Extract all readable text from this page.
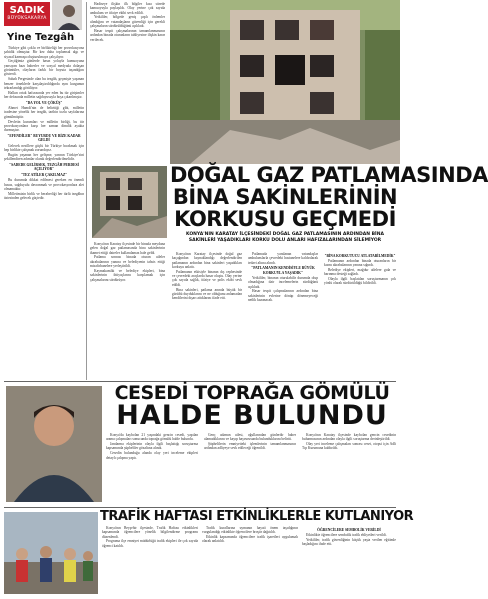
SADIK
BÜYÜKSAKARYA
Yine Tezgâh

Türkiye gibi çoklu ve birlikteliği her provokasyona şahidik olmuştur. Bir kez daha toplumsal algı ve siyasal karmaşa oluşturulmaya çalışılıyor.

Geçtiğimiz günlerde basın yoluyla kamuoyuna yansıyan bazı haberler ve sosyal medyada dolaşan görüntüler, olayların farklı bir boyuta taşındığını gösterdi.

Sabah Pergesinde olan bu tezgâh, geçmişte yaşanan benzer örneklerle karşılaştırıldığında aynı kurgunun tekrarlandığı görülüyor.

Halkın ortak hafızasında yer eden bu tür girişimler her defasında milletin sağduyusuyla boşa çıkarılmıştır.

"DA YOL VE ÇÖKÜŞ"

Ahmet Hamdi'nin de belirttiği gibi, milletin iradesine yönelik her tezgâh, tarihin tozlu sayfalarına gömülmüştür.

Devletin kurumları ve milletin birliği, bu tür provokasyonlara karşı her zaman dimdik ayakta durmuştur.

"EFENDİLER" BUYURDU VE BİZE KADAR GELDİ

Gelecek nesillere güçlü bir Türkiye bırakmak için hep birlikte çalışmak zorundayız.

Bugün yaşanan her gelişme, yarının Türkiye'sini şekillendiren adımlar olarak değerlendirilmelidir.

"SADEDE GELİRSEK, TEZGÂH PERDESİ AÇILIYOR"

"TEZ ATİLER ÇAKILMAZ"

Bu durumda dikkat edilmesi gereken en önemli husus, sağduyulu davranmak ve provokasyonlara alet olmamaktır.

Milletimizin birlik ve beraberliği her türlü tezgâhın üstesinden gelecek güçtedir.

Hadiseye ilişkin ilk bilgiler kısa sürede kamuoyuyla paylaşıldı. Olay yerine çok sayıda ambulans ve itfaiye ekibi sevk edildi.

Yetkililer, bölgede geniş çaplı önlemler alındığını ve vatandaşların güvenliği için gerekli çalışmaların sürdürüldüğünü açıkladı.

Hasar tespit çalışmalarının tamamlanmasının ardından binada oturanların tahliyesine ilişkin karar verilecek.

DOĞAL GAZ PATLAMASINDA
BİNA SAKİNLERİNİN
KORKUSU GEÇMEDİ
KONYA'NIN KARATAY İLÇESİNDEKİ DOĞAL GAZ PATLAMASININ ARDINDAN BİNA SAKİNLERİ YAŞADIKLARI KORKU DOLU ANLARI HAFIZALARINDAN SİLEMİYOR

Konya'nın Karatay ilçesinde bir binada meydana gelen doğal gaz patlamasında bina sakinlerinin ikamet ettiği daireler kullanılamaz hale geldi.

Patlama sonrası binada oturan aileler akrabalarının yanına ve belediyenin tahsis ettiği misafirhanelere yerleştirildi.

Kaymakamlık ve belediye ekipleri, bina sakinlerinin ihtiyaçlarını karşılamak için çalışmalarını sürdürüyor.

Konya'nın Karatay ilçesinde doğal gaz kaçağından kaynaklandığı değerlendirilen patlamanın ardından bina sakinleri yaşadıkları korkuyu anlattı.

Patlamanın etkisiyle binanın dış cephesinde ve çevredeki araçlarda hasar oluştu. Olay yerine çok sayıda sağlık, itfaiye ve polis ekibi sevk edildi.

Bina sakinleri, patlama anında büyük bir gürültü duyduklarını ve ne olduğunu anlamadan kendilerini dışarı attıklarını ifade etti.

Patlamada yaralanan vatandaşlar ambulanslarla çevredeki hastanelere kaldırılarak tedavi altına alındı.

"PATLAMANIN KENDİSİYLE BÜYÜK KORKUYLA YAŞADIK"

Yetkililer, binanın oturulabilir durumda olup olmadığına dair incelemelerin sürdüğünü açıkladı.

Hasar tespit çalışmalarının ardından bina sakinlerinin evlerine dönüp dönemeyeceği netlik kazanacak.

"BİNA KORKUTUCU ATLATABİLMEDİK"

Patlamanın ardından binada oturanların bir kısmı akrabalarının yanına sığındı.

Belediye ekipleri, mağdur ailelere gıda ve barınma desteği sağladı.

Olayla ilgili başlatılan soruşturmanın çok yönlü olarak sürdürüldüğü bildirildi.

CESEDİ TOPRAĞA GÖMÜLÜ
HALDE BULUNDU

Konya'da kaybolan 21 yaşındaki gencin cesedi, yapılan arama çalışmaları sonucunda toprağa gömülü halde bulundu.

Jandarma ekiplerinin olayla ilgili başlattığı soruşturma kapsamında şüpheliler gözaltına alındı.

Cesedin bulunduğu alanda olay yeri inceleme ekipleri detaylı çalışma yaptı.

Genç adamın ailesi, oğullarından günlerdir haber alamadıklarını ve kayıp başvurusunda bulunduklarını belirtti.

Şüphelilerin emniyetteki işlemlerinin tamamlanmasının ardından adliyeye sevk edileceği öğrenildi.

Konya'nın Karatay ilçesinde kaybolan gencin cesedinin bulunmasının ardından olayla ilgili soruşturma derinleştirildi.

Olay yeri inceleme çalışmaları sonrası ceset, otopsi için Adli Tıp Kurumuna kaldırıldı.

TRAFİK HAFTASI ETKİNLİKLERLE KUTLANIYOR

Konya'nın Beyşehir ilçesinde, Trafik Haftası etkinlikleri kapsamında öğrencilere yönelik bilgilendirme programı düzenlendi.

Programa ilçe emniyet müdürlüğü trafik ekipleri ile çok sayıda öğrenci katıldı.

Trafik kurallarına uymanın hayati önem taşıdığının vurgulandığı etkinlikte öğrencilere broşür dağıtıldı.

Etkinlik kapsamında öğrencilere trafik işaretleri uygulamalı olarak anlatıldı.

ÖĞRENCİLERE SEMBOLİK VERİLDİ

Etkinlikte öğrencilere sembolik trafik ehliyetleri verildi.

Yetkililer, trafik güvenliğinin küçük yaşta verilen eğitimle başladığını ifade etti.
